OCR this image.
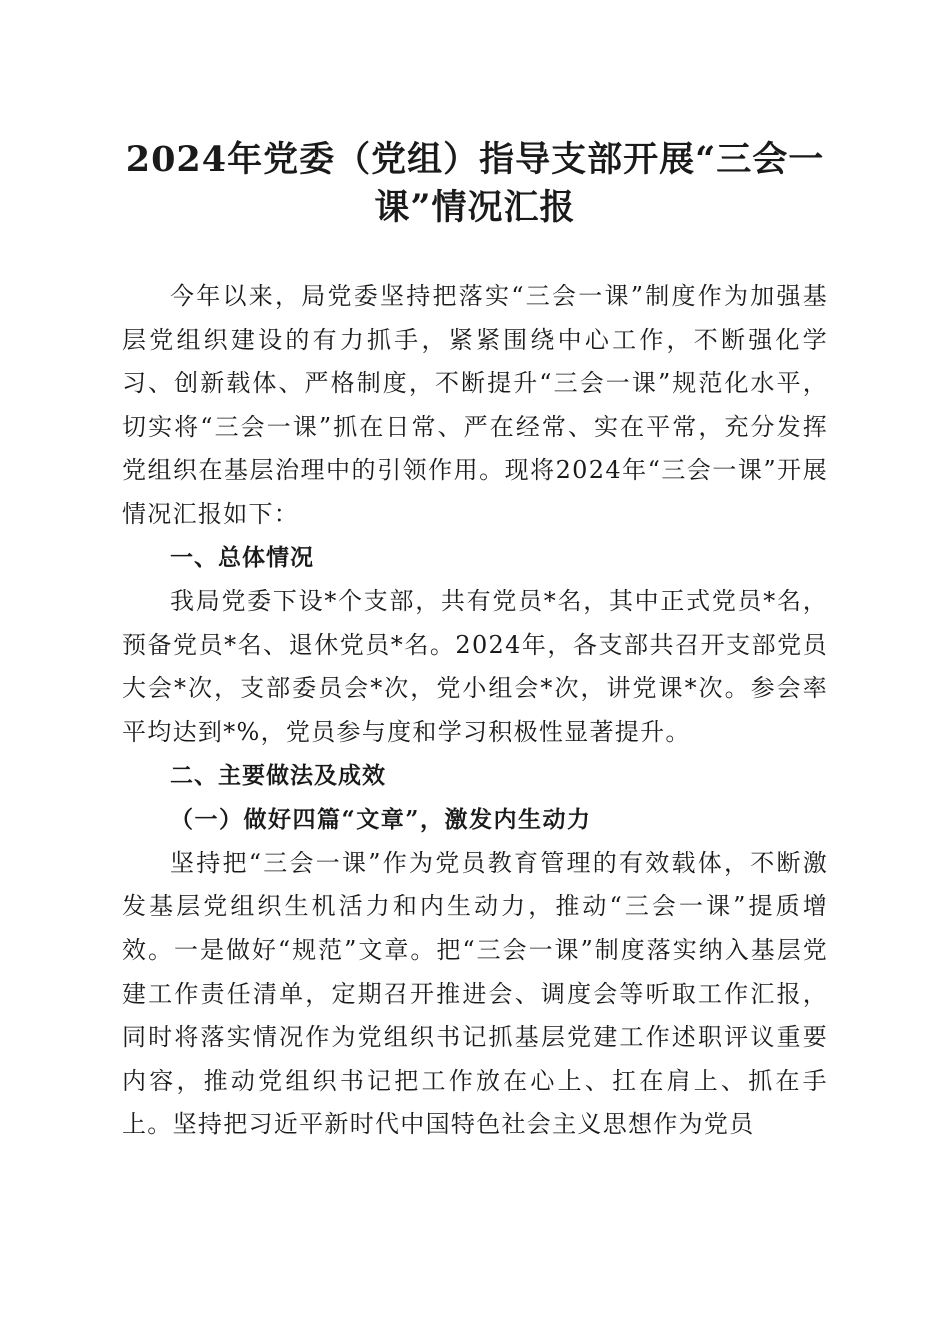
2024年党委（党组）指导支部开展“三会一
课”情况汇报

今年以来，局党委坚持把落实“三会一课”制度作为加强基层党组织建设的有力抓手，紧紧围绕中心工作，不断强化学习、创新载体、严格制度，不断提升“三会一课”规范化水平，切实将“三会一课”抓在日常、严在经常、实在平常，充分发挥党组织在基层治理中的引领作用。现将2024年“三会一课”开展情况汇报如下：

一、总体情况

我局党委下设*个支部，共有党员*名，其中正式党员*名，预备党员*名、退休党员*名。2024年，各支部共召开支部党员大会*次，支部委员会*次，党小组会*次，讲党课*次。参会率平均达到*%，党员参与度和学习积极性显著提升。

二、主要做法及成效
（一）做好四篇“文章”，激发内生动力

坚持把“三会一课”作为党员教育管理的有效载体，不断激发基层党组织生机活力和内生动力，推动“三会一课”提质增效。一是做好“规范”文章。把“三会一课”制度落实纳入基层党建工作责任清单，定期召开推进会、调度会等听取工作汇报，同时将落实情况作为党组织书记抓基层党建工作述职评议重要内容，推动党组织书记把工作放在心上、扛在肩上、抓在手上。坚持把习近平新时代中国特色社会主义思想作为党员
